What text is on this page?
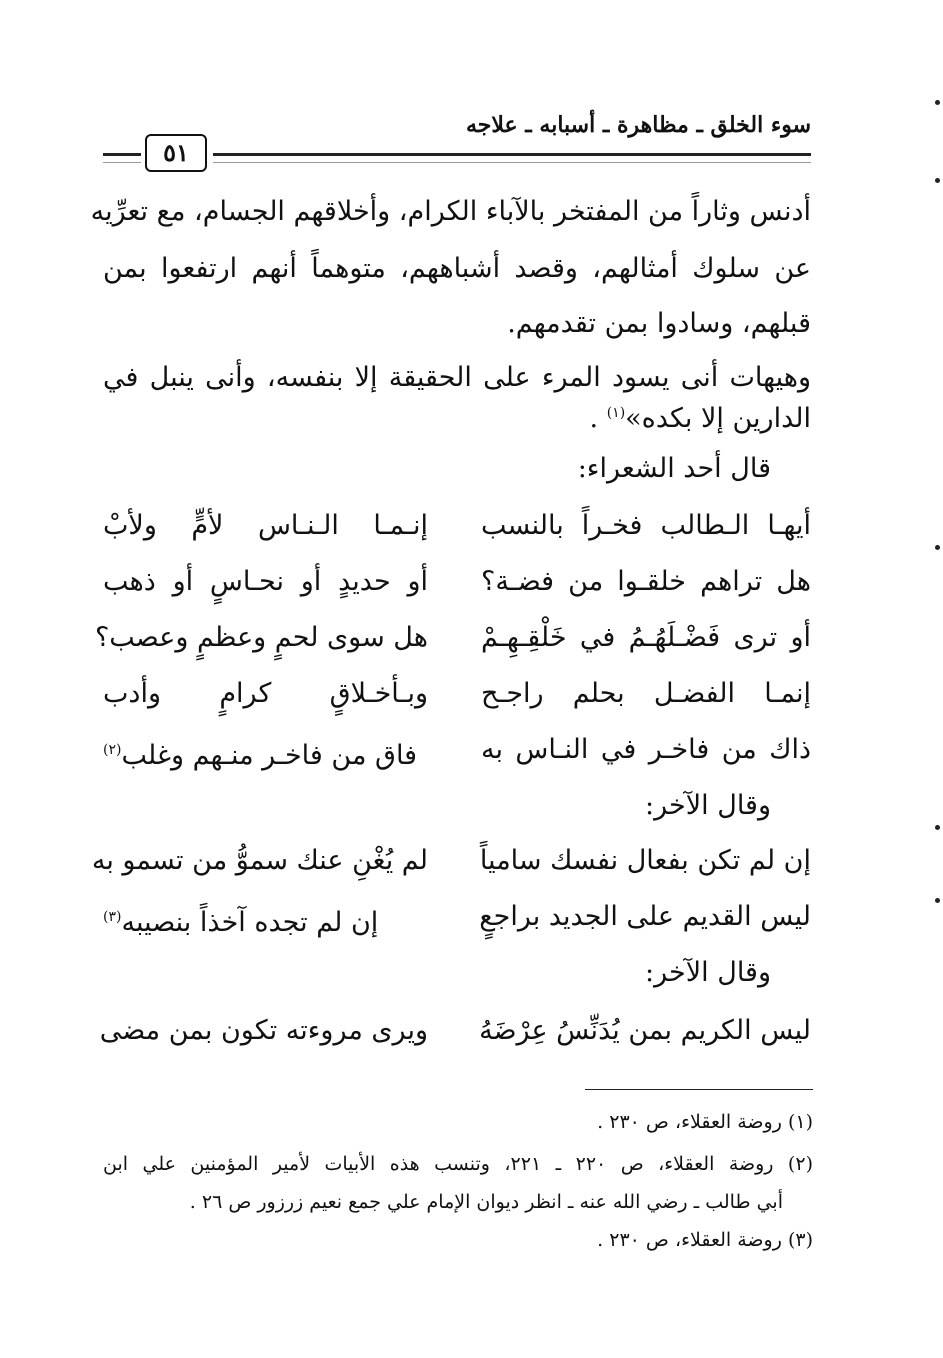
سوء الخلق ـ مظاهرة ـ أسبابه ـ علاجه
٥١
أدنس وثاراً من المفتخر بالآباء الكرام، وأخلاقهم الجسام، مع تعرِّيه
عن سلوك أمثالهم، وقصد أشباههم، متوهماً أنهم ارتفعوا بمن
قبلهم، وسادوا بمن تقدمهم.
وهيهات أنى يسود المرء على الحقيقة إلا بنفسه، وأنى ينبل في
الدارين إلا بكده»$^{(١)}$ .
قال أحد الشعراء:
أيهـا الـطالب فخـراً بالنسب
إنـمـا الـنـاس لأمٍّ ولأبْ
هل تراهم خلقـوا من فضـة؟
أو حديدٍ أو نحـاسٍ أو ذهب
أو ترى فَضْـلَهُـمُ في خَلْقِـهِـمْ
هل سوى لحمٍ وعظمٍ وعصب؟
إنمـا الفضـل بحلم راجـح
وبـأخـلاقٍ كرامٍ وأدب
ذاك من فاخـر في النـاس به
فاق من فاخـر منـهم وغلب$^{(٢)}$
وقال الآخر:
إن لم تكن بفعال نفسك سامياً
لم يُغْنِ عنك سموُّ من تسمو به
ليس القديم على الجديد براجعٍ
إن لم تجده آخذاً بنصيبه$^{(٣)}$
وقال الآخر:
ليس الكريم بمن يُدَنِّسُ عِرْضَهُ
ويرى مروءته تكون بمن مضى
(١) روضة العقلاء، ص ٢٣٠ .
(٢) روضة العقلاء، ص ٢٢٠ ـ ٢٢١، وتنسب هذه الأبيات لأمير المؤمنين علي ابن
أبي طالب ـ رضي الله عنه ـ انظر ديوان الإمام علي جمع نعيم زرزور ص ٢٦ .
(٣) روضة العقلاء، ص ٢٣٠ .
